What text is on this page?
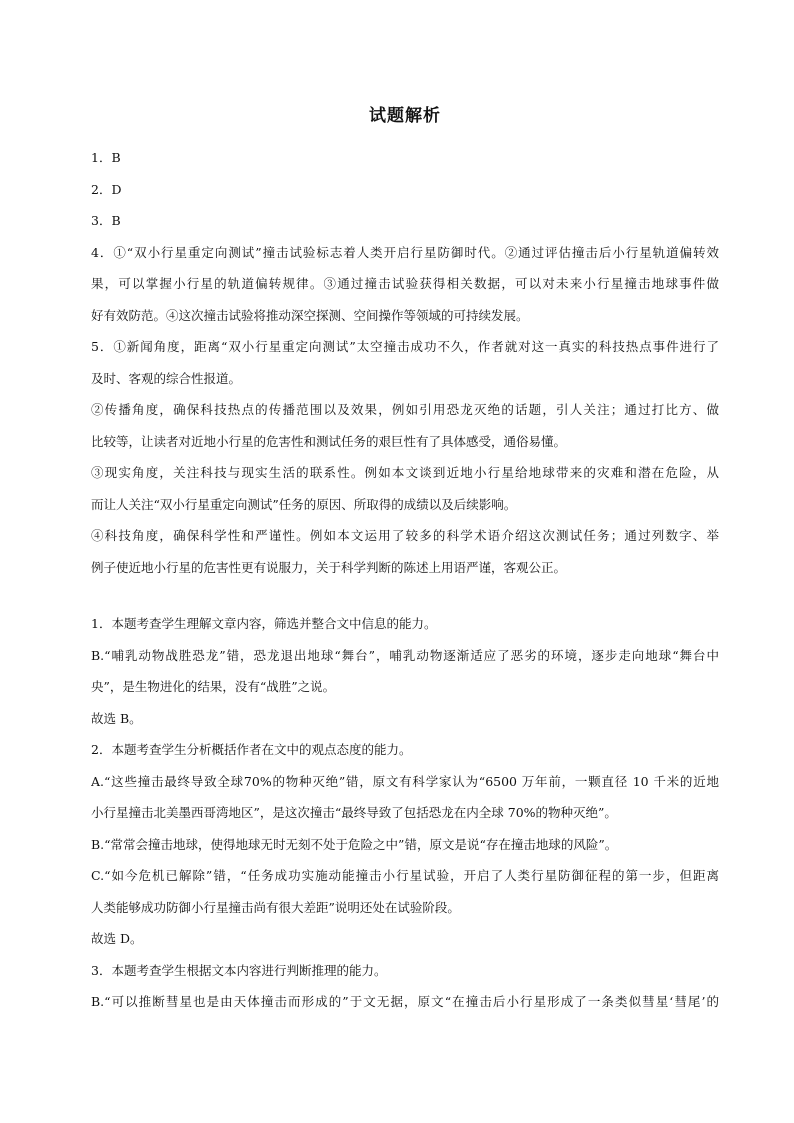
试题解析

1．B

2．D

3．B

4．①“双小行星重定向测试”撞击试验标志着人类开启行星防御时代。②通过评估撞击后小行星轨道偏转效

果，可以掌握小行星的轨道偏转规律。③通过撞击试验获得相关数据，可以对未来小行星撞击地球事件做

好有效防范。④这次撞击试验将推动深空探测、空间操作等领域的可持续发展。

5．①新闻角度，距离“双小行星重定向测试”太空撞击成功不久，作者就对这一真实的科技热点事件进行了

及时、客观的综合性报道。

②传播角度，确保科技热点的传播范围以及效果，例如引用恐龙灭绝的话题，引人关注；通过打比方、做

比较等，让读者对近地小行星的危害性和测试任务的艰巨性有了具体感受，通俗易懂。

③现实角度，关注科技与现实生活的联系性。例如本文谈到近地小行星给地球带来的灾难和潜在危险，从

而让人关注“双小行星重定向测试”任务的原因、所取得的成绩以及后续影响。

④科技角度，确保科学性和严谨性。例如本文运用了较多的科学术语介绍这次测试任务；通过列数字、举

例子使近地小行星的危害性更有说服力，关于科学判断的陈述上用语严谨，客观公正。

1．本题考查学生理解文章内容，筛选并整合文中信息的能力。

B.“哺乳动物战胜恐龙”错，恐龙退出地球“舞台”，哺乳动物逐渐适应了恶劣的环境，逐步走向地球“舞台中

央”，是生物进化的结果，没有“战胜”之说。

故选 B。

2．本题考查学生分析概括作者在文中的观点态度的能力。

A.“这些撞击最终导致全球70%的物种灭绝”错，原文有科学家认为“6500 万年前，一颗直径 10 千米的近地

小行星撞击北美墨西哥湾地区”，是这次撞击“最终导致了包括恐龙在内全球 70%的物种灭绝”。

B.“常常会撞击地球，使得地球无时无刻不处于危险之中”错，原文是说“存在撞击地球的风险”。

C.“如今危机已解除”错，“任务成功实施动能撞击小行星试验，开启了人类行星防御征程的第一步，但距离

人类能够成功防御小行星撞击尚有很大差距”说明还处在试验阶段。

故选 D。

3．本题考查学生根据文本内容进行判断推理的能力。

B.“可以推断彗星也是由天体撞击而形成的”于文无据，原文“在撞击后小行星形成了一条类似彗星‘彗尾’的
